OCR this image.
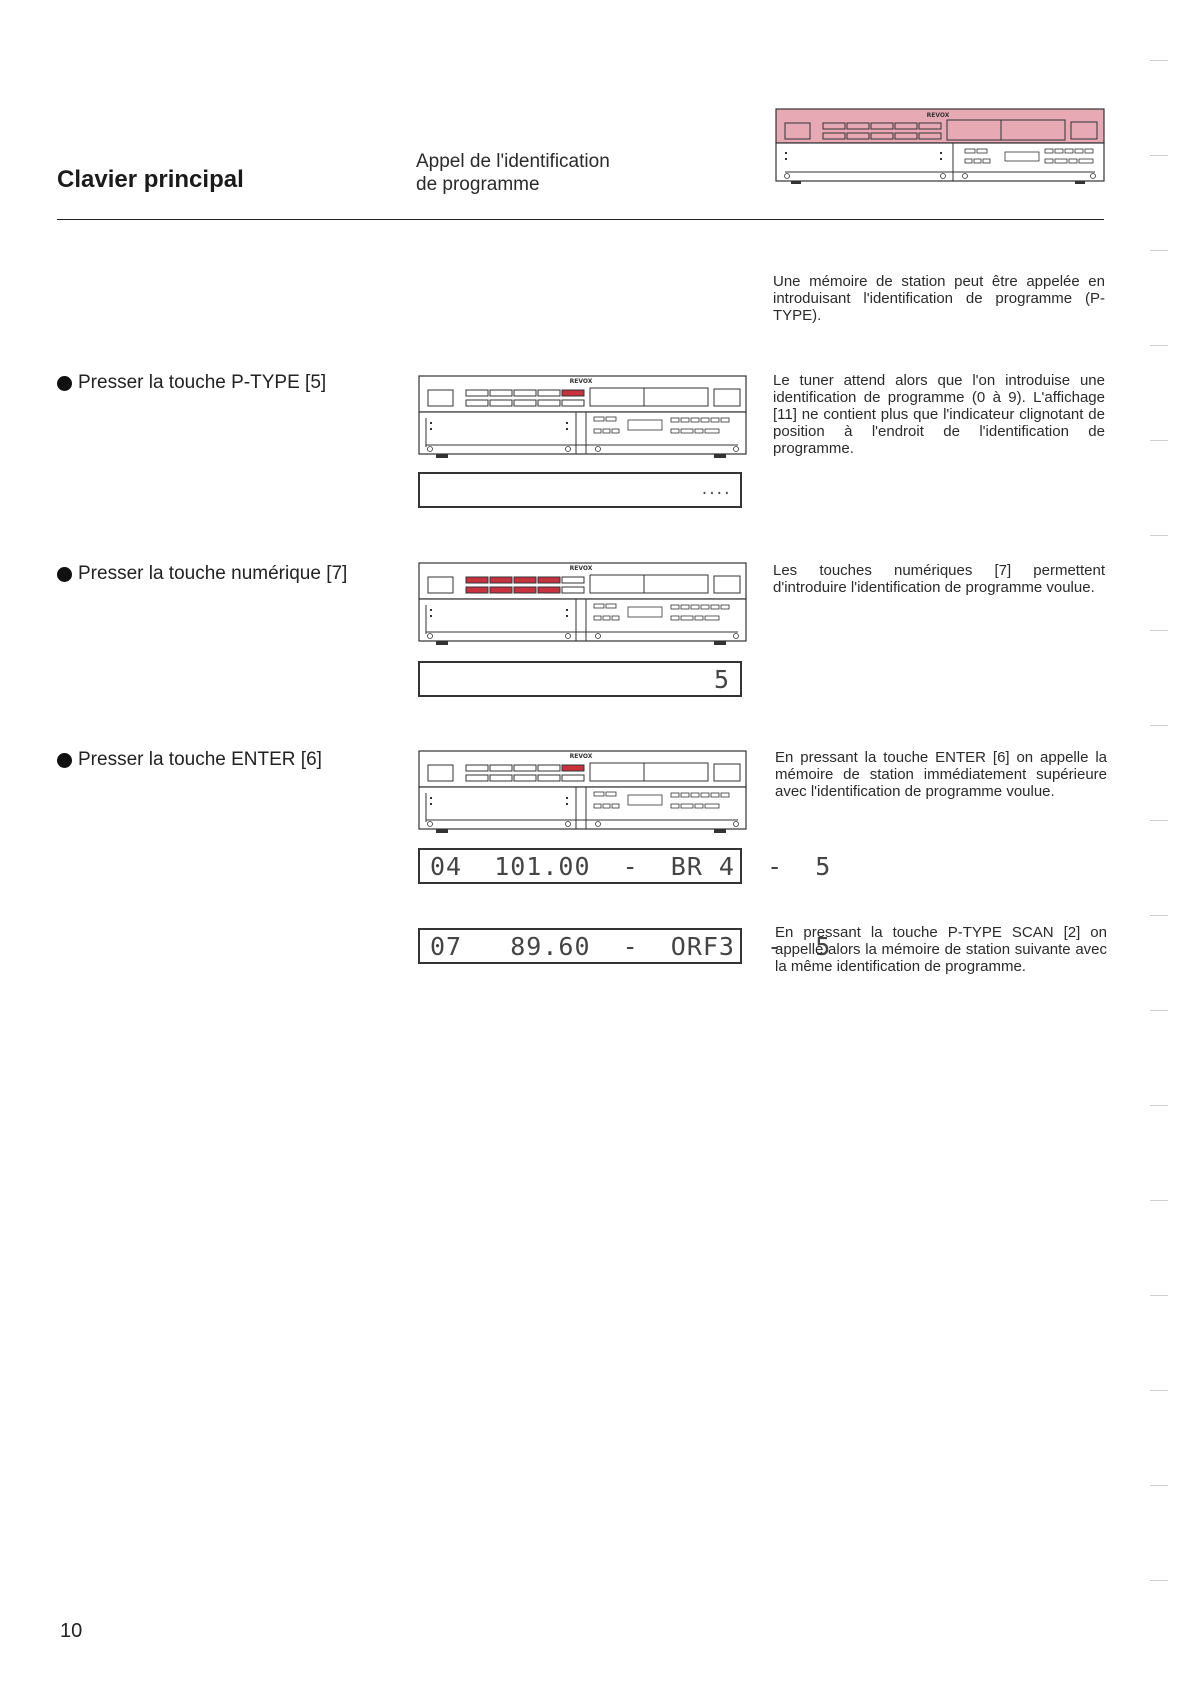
Clavier principal
Appel de l'identification
de programme
REVOX
Une mémoire de station peut être appelée en introduisant l'identification de programme (P-TYPE).
Presser la touche P-TYPE [5]	REVOX
....
Le tuner attend alors que l'on introduise une identification de programme (0 à 9). L'affichage [11] ne contient plus que l'indicateur clignotant de position à l'endroit de l'identification de programme.
Presser la touche numérique [7]	REVOX
5
Les touches numériques [7] permettent d'introduire l'identification de programme voulue.
Presser la touche ENTER [6]	REVOX
04  101.00  -  BR 4  -  5
En pressant la touche ENTER [6] on appelle la mémoire de station immédiatement supérieure avec l'identification de programme voulue.
07   89.60  -  ORF3  -  5
En pressant la touche P-TYPE SCAN [2] on appelle alors la mémoire de station suivante avec la même identification de programme.
10
